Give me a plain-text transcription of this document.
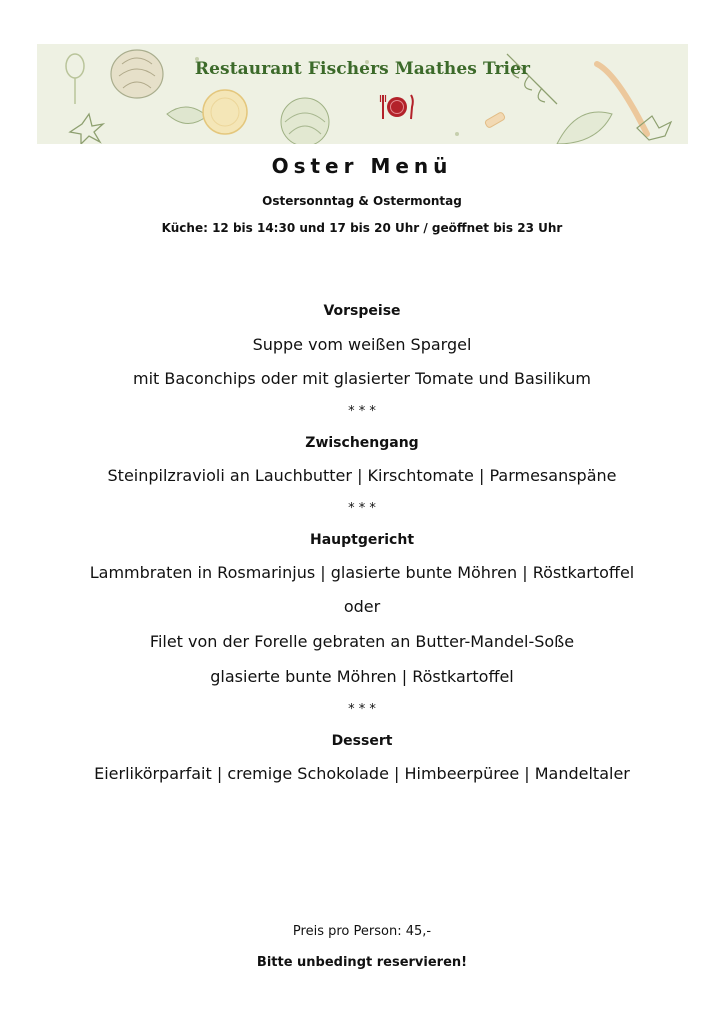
Restaurant Fischers Maathes Trier
Oster Menü
Ostersonntag & Ostermontag
Küche: 12 bis 14:30 und 17 bis 20 Uhr / geöffnet bis 23 Uhr
Vorspeise
Suppe vom weißen Spargel
mit Baconchips oder mit glasierter Tomate und Basilikum
* * *
Zwischengang
Steinpilzravioli an Lauchbutter | Kirschtomate | Parmesanspäne
* * *
Hauptgericht
Lammbraten in Rosmarinjus | glasierte bunte Möhren | Röstkartoffel
oder
Filet von der Forelle gebraten an Butter-Mandel-Soße
glasierte bunte Möhren | Röstkartoffel
* * *
Dessert
Eierlikörparfait | cremige Schokolade | Himbeerpüree | Mandeltaler
Preis pro Person: 45,-
Bitte unbedingt reservieren!
